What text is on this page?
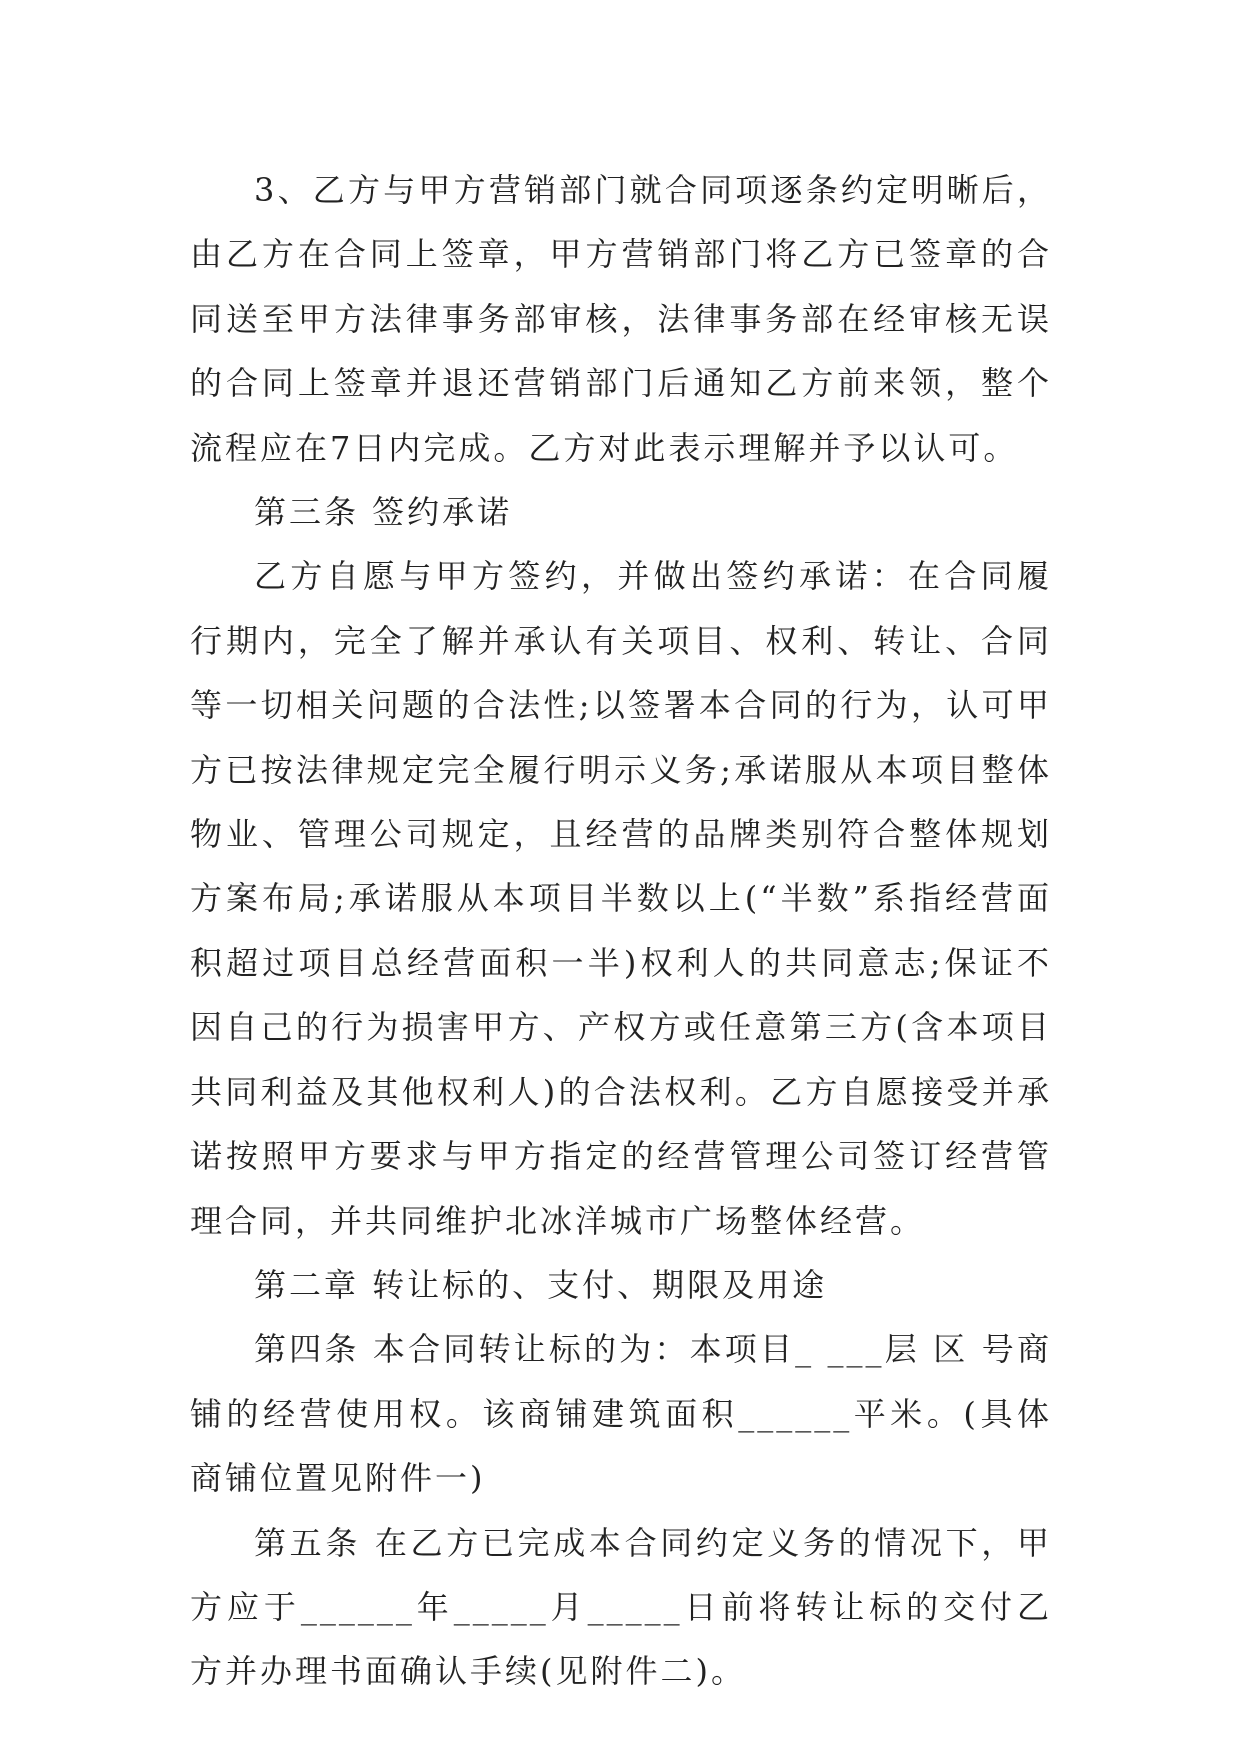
3、乙方与甲方营销部门就合同项逐条约定明晰后，由乙方在合同上签章，甲方营销部门将乙方已签章的合同送至甲方法律事务部审核，法律事务部在经审核无误的合同上签章并退还营销部门后通知乙方前来领，整个流程应在7日内完成。乙方对此表示理解并予以认可。

第三条 签约承诺

乙方自愿与甲方签约，并做出签约承诺：在合同履行期内，完全了解并承认有关项目、权利、转让、合同等一切相关问题的合法性;以签署本合同的行为，认可甲方已按法律规定完全履行明示义务;承诺服从本项目整体物业、管理公司规定，且经营的品牌类别符合整体规划方案布局;承诺服从本项目半数以上(“半数”系指经营面积超过项目总经营面积一半)权利人的共同意志;保证不因自己的行为损害甲方、产权方或任意第三方(含本项目共同利益及其他权利人)的合法权利。乙方自愿接受并承诺按照甲方要求与甲方指定的经营管理公司签订经营管理合同，并共同维护北冰洋城市广场整体经营。

第二章 转让标的、支付、期限及用途

第四条 本合同转让标的为：本项目_ ___层 区 号商铺的经营使用权。该商铺建筑面积______平米。(具体商铺位置见附件一)

第五条 在乙方已完成本合同约定义务的情况下，甲方应于______年_____月_____日前将转让标的交付乙方并办理书面确认手续(见附件二)。
